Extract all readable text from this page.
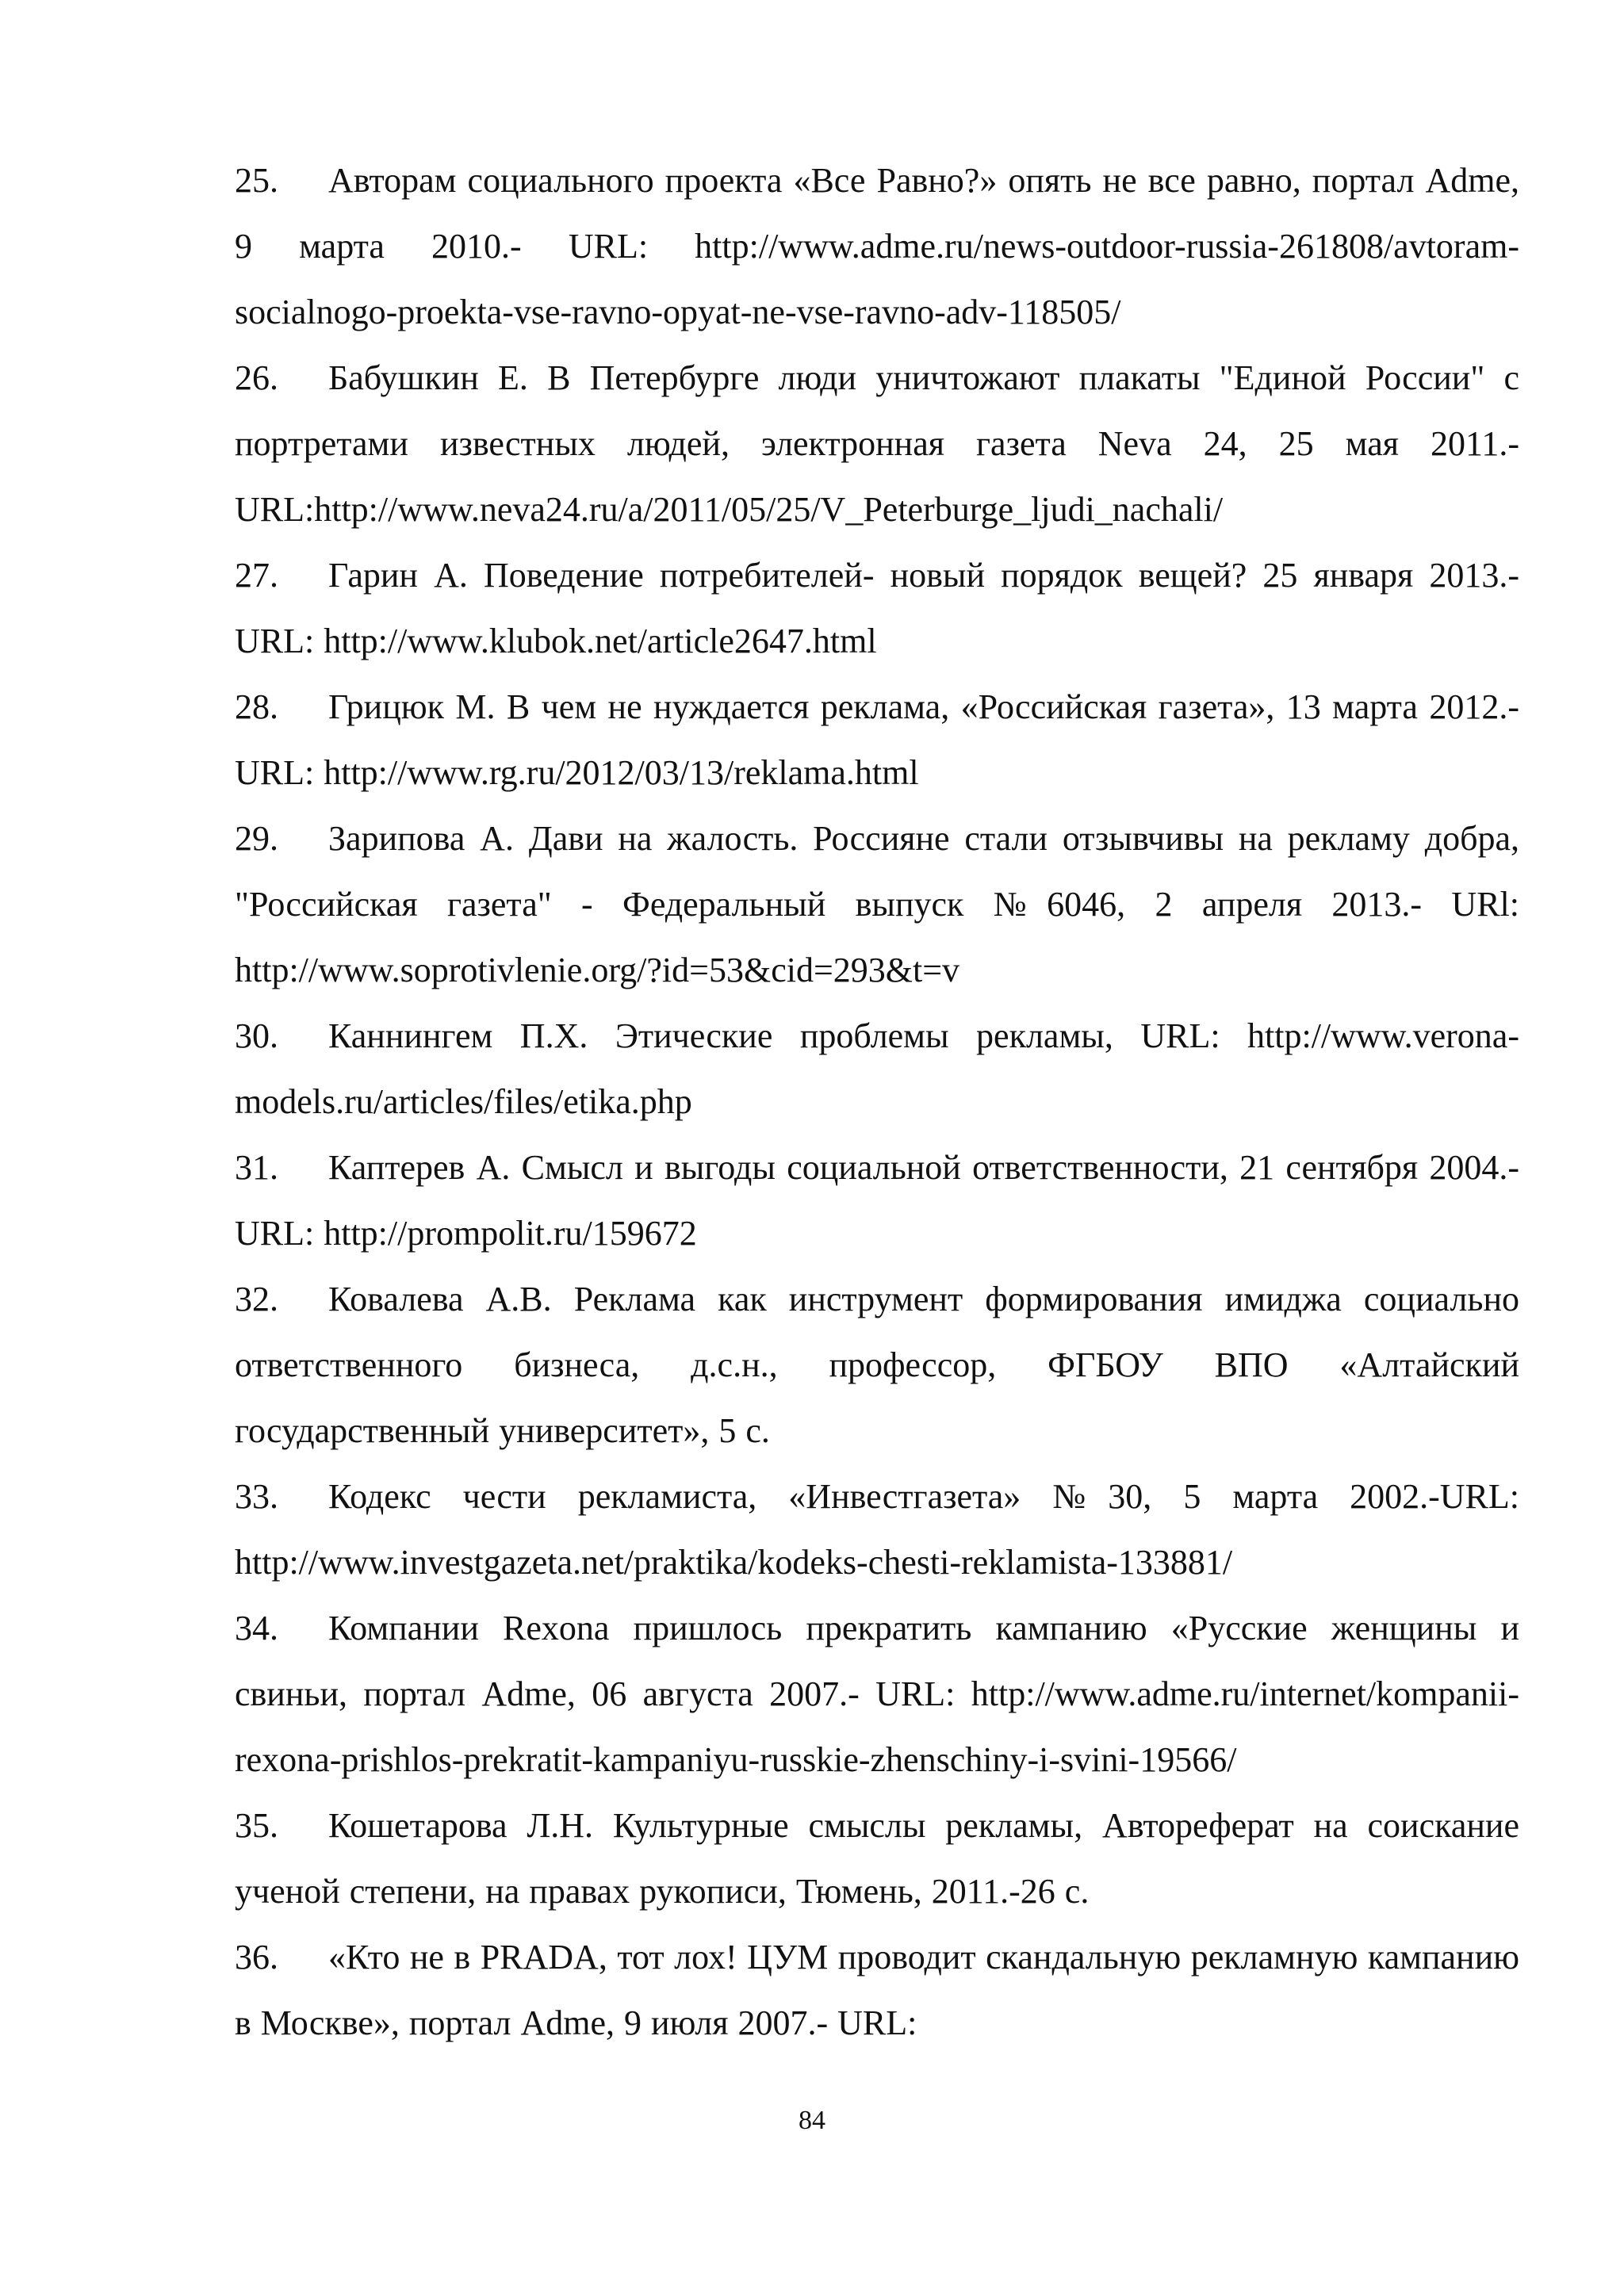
25. Авторам социального проекта «Все Равно?» опять не все равно, портал Adme, 9 марта 2010.- URL: http://www.adme.ru/news-outdoor-russia-261808/avtoram-socialnogo-proekta-vse-ravno-opyat-ne-vse-ravno-adv-118505/

26. Бабушкин Е. В Петербурге люди уничтожают плакаты "Единой России" с портретами известных людей, электронная газета Neva 24, 25 мая 2011.- URL:http://www.neva24.ru/a/2011/05/25/V_Peterburge_ljudi_nachali/

27. Гарин А. Поведение потребителей- новый порядок вещей? 25 января 2013.- URL: http://www.klubok.net/article2647.html

28. Грицюк М. В чем не нуждается реклама, «Российская газета», 13 марта 2012.- URL: http://www.rg.ru/2012/03/13/reklama.html

29. Зарипова А. Дави на жалость. Россияне стали отзывчивы на рекламу добра, "Российская газета" - Федеральный выпуск №6046, 2 апреля 2013.- URl: http://www.soprotivlenie.org/?id=53&cid=293&t=v

30. Каннингем П.Х. Этические проблемы рекламы, URL: http://www.verona-models.ru/articles/files/etika.php

31. Каптерев А. Смысл и выгоды социальной ответственности, 21 сентября 2004.- URL: http://prompolit.ru/159672

32. Ковалева А.В. Реклама как инструмент формирования имиджа социально ответственного бизнеса, д.с.н., профессор, ФГБОУ ВПО «Алтайский государственный университет», 5 с.

33. Кодекс чести рекламиста, «Инвестгазета» №30, 5 марта 2002.-URL: http://www.investgazeta.net/praktika/kodeks-chesti-reklamista-133881/

34. Компании Rexona пришлось прекратить кампанию «Русские женщины и свиньи, портал Adme, 06 августа 2007.- URL: http://www.adme.ru/internet/kompanii-rexona-prishlos-prekratit-kampaniyu-russkie-zhenschiny-i-svini-19566/

35. Кошетарова Л.Н. Культурные смыслы рекламы, Автореферат на соискание ученой степени, на правах рукописи, Тюмень, 2011.-26 с.

36. «Кто не в PRADA, тот лох! ЦУМ проводит скандальную рекламную кампанию в Москве», портал Adme, 9 июля 2007.- URL:

84
